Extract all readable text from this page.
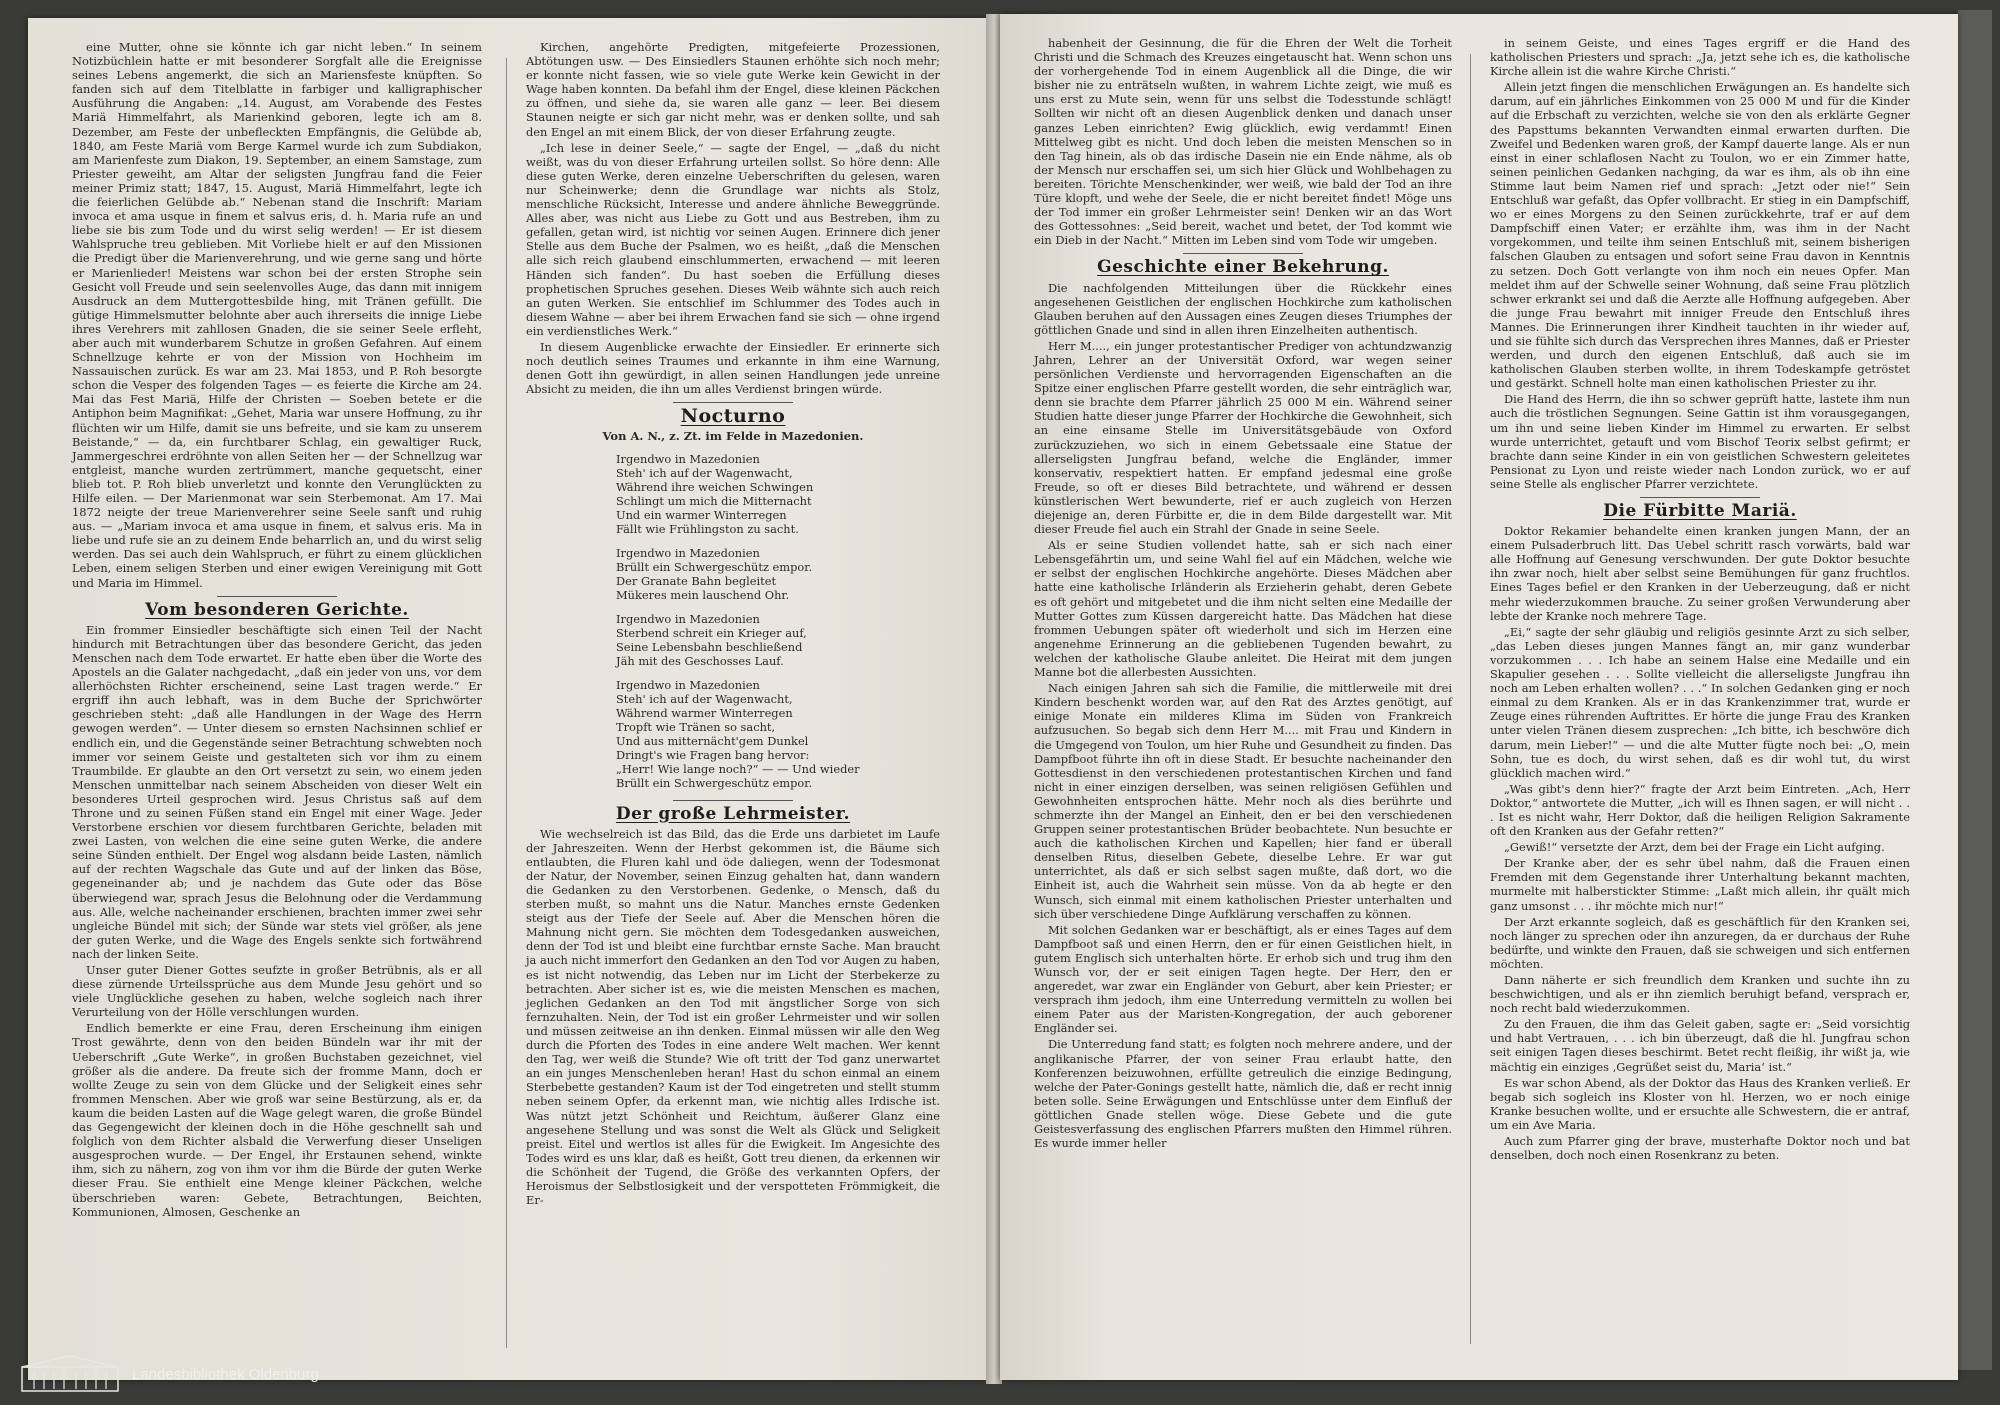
eine Mutter, ohne sie könnte ich gar nicht leben.“ In seinem Notizbüchlein hatte er mit besonderer Sorgfalt alle die Ereignisse seines Lebens angemerkt, die sich an Mariensfeste knüpften. So fanden sich auf dem Titelblatte in farbiger und kalligraphischer Ausführung die Angaben: „14. August, am Vorabende des Festes Mariä Himmelfahrt, als Marienkind geboren, legte ich am 8. Dezember, am Feste der unbefleckten Empfängnis, die Gelübde ab, 1840, am Feste Mariä vom Berge Karmel wurde ich zum Subdiakon, am Marienfeste zum Diakon, 19. September, an einem Samstage, zum Priester geweiht, am Altar der seligsten Jungfrau fand die Feier meiner Primiz statt; 1847, 15. August, Mariä Himmelfahrt, legte ich die feierlichen Gelübde ab.“ Nebenan stand die Inschrift: Mariam invoca et ama usque in finem et salvus eris, d. h. Maria rufe an und liebe sie bis zum Tode und du wirst selig werden! — Er ist diesem Wahlspruche treu geblieben. Mit Vorliebe hielt er auf den Missionen die Predigt über die Marienverehrung, und wie gerne sang und hörte er Marienlieder! Meistens war schon bei der ersten Strophe sein Gesicht voll Freude und sein seelenvolles Auge, das dann mit innigem Ausdruck an dem Muttergottesbilde hing, mit Tränen gefüllt. Die gütige Himmelsmutter belohnte aber auch ihrerseits die innige Liebe ihres Verehrers mit zahllosen Gnaden, die sie seiner Seele erfleht, aber auch mit wunderbarem Schutze in großen Gefahren. Auf einem Schnellzuge kehrte er von der Mission von Hochheim im Nassauischen zurück. Es war am 23. Mai 1853, und P. Roh besorgte schon die Vesper des folgenden Tages — es feierte die Kirche am 24. Mai das Fest Mariä, Hilfe der Christen — Soeben betete er die Antiphon beim Magnifikat: „Gehet, Maria war unsere Hoffnung, zu ihr flüchten wir um Hilfe, damit sie uns befreite, und sie kam zu unserem Beistande,“ — da, ein furchtbarer Schlag, ein gewaltiger Ruck, Jammergeschrei erdröhnte von allen Seiten her — der Schnellzug war entgleist, manche wurden zertrümmert, manche gequetscht, einer blieb tot. P. Roh blieb unverletzt und konnte den Verunglückten zu Hilfe eilen. — Der Marienmonat war sein Sterbemonat. Am 17. Mai 1872 neigte der treue Marienverehrer seine Seele sanft und ruhig aus. — „Mariam invoca et ama usque in finem, et salvus eris. Ma in liebe und rufe sie an zu deinem Ende beharrlich an, und du wirst selig werden. Das sei auch dein Wahlspruch, er führt zu einem glücklichen Leben, einem seligen Sterben und einer ewigen Vereinigung mit Gott und Maria im Himmel.

Vom besonderen Gerichte.

Ein frommer Einsiedler beschäftigte sich einen Teil der Nacht hindurch mit Betrachtungen über das besondere Gericht, das jeden Menschen nach dem Tode erwartet. Er hatte eben über die Worte des Apostels an die Galater nachgedacht, „daß ein jeder von uns, vor dem allerhöchsten Richter erscheinend, seine Last tragen werde.“ Er ergriff ihn auch lebhaft, was in dem Buche der Sprichwörter geschrieben steht: „daß alle Handlungen in der Wage des Herrn gewogen werden“. — Unter diesem so ernsten Nachsinnen schlief er endlich ein, und die Gegenstände seiner Betrachtung schwebten noch immer vor seinem Geiste und gestalteten sich vor ihm zu einem Traumbilde. Er glaubte an den Ort versetzt zu sein, wo einem jeden Menschen unmittelbar nach seinem Abscheiden von dieser Welt ein besonderes Urteil gesprochen wird. Jesus Christus saß auf dem Throne und zu seinen Füßen stand ein Engel mit einer Wage. Jeder Verstorbene erschien vor diesem furchtbaren Gerichte, beladen mit zwei Lasten, von welchen die eine seine guten Werke, die andere seine Sünden enthielt. Der Engel wog alsdann beide Lasten, nämlich auf der rechten Wagschale das Gute und auf der linken das Böse, gegeneinander ab; und je nachdem das Gute oder das Böse überwiegend war, sprach Jesus die Belohnung oder die Verdammung aus. Alle, welche nacheinander erschienen, brachten immer zwei sehr ungleiche Bündel mit sich; der Sünde war stets viel größer, als jene der guten Werke, und die Wage des Engels senkte sich fortwährend nach der linken Seite.

Unser guter Diener Gottes seufzte in großer Betrübnis, als er all diese zürnende Urteilssprüche aus dem Munde Jesu gehört und so viele Unglückliche gesehen zu haben, welche sogleich nach ihrer Verurteilung von der Hölle verschlungen wurden.

Endlich bemerkte er eine Frau, deren Erscheinung ihm einigen Trost gewährte, denn von den beiden Bündeln war ihr mit der Ueberschrift „Gute Werke“, in großen Buchstaben gezeichnet, viel größer als die andere. Da freute sich der fromme Mann, doch er wollte Zeuge zu sein von dem Glücke und der Seligkeit eines sehr frommen Menschen. Aber wie groß war seine Bestürzung, als er, da kaum die beiden Lasten auf die Wage gelegt waren, die große Bündel das Gegengewicht der kleinen doch in die Höhe geschnellt sah und folglich von dem Richter alsbald die Verwerfung dieser Unseligen ausgesprochen wurde. — Der Engel, ihr Erstaunen sehend, winkte ihm, sich zu nähern, zog von ihm vor ihm die Bürde der guten Werke dieser Frau. Sie enthielt eine Menge kleiner Päckchen, welche überschrieben waren: Gebete, Betrachtungen, Beichten, Kommunionen, Almosen, Geschenke an

Kirchen, angehörte Predigten, mitgefeierte Prozessionen, Abtötungen usw. — Des Einsiedlers Staunen erhöhte sich noch mehr; er konnte nicht fassen, wie so viele gute Werke kein Gewicht in der Wage haben konnten. Da befahl ihm der Engel, diese kleinen Päckchen zu öffnen, und siehe da, sie waren alle ganz — leer. Bei diesem Staunen neigte er sich gar nicht mehr, was er denken sollte, und sah den Engel an mit einem Blick, der von dieser Erfahrung zeugte.

„Ich lese in deiner Seele,“ — sagte der Engel, — „daß du nicht weißt, was du von dieser Erfahrung urteilen sollst. So höre denn: Alle diese guten Werke, deren einzelne Ueberschriften du gelesen, waren nur Scheinwerke; denn die Grundlage war nichts als Stolz, menschliche Rücksicht, Interesse und andere ähnliche Beweggründe. Alles aber, was nicht aus Liebe zu Gott und aus Bestreben, ihm zu gefallen, getan wird, ist nichtig vor seinen Augen. Erinnere dich jener Stelle aus dem Buche der Psalmen, wo es heißt, „daß die Menschen alle sich reich glaubend einschlummerten, erwachend — mit leeren Händen sich fanden“. Du hast soeben die Erfüllung dieses prophetischen Spruches gesehen. Dieses Weib wähnte sich auch reich an guten Werken. Sie entschlief im Schlummer des Todes auch in diesem Wahne — aber bei ihrem Erwachen fand sie sich — ohne irgend ein verdienstliches Werk.“

In diesem Augenblicke erwachte der Einsiedler. Er erinnerte sich noch deutlich seines Traumes und erkannte in ihm eine Warnung, denen Gott ihn gewürdigt, in allen seinen Handlungen jede unreine Absicht zu meiden, die ihn um alles Verdienst bringen würde.

Nocturno
Von A. N., z. Zt. im Felde in Mazedonien.
Irgendwo in Mazedonien
Steh' ich auf der Wagenwacht,
Während ihre weichen Schwingen
Schlingt um mich die Mitternacht
Und ein warmer Winterregen
Fällt wie Frühlingston zu sacht.
Irgendwo in Mazedonien
Brüllt ein Schwergeschütz empor.
Der Granate Bahn begleitet
Mükeres mein lauschend Ohr.
Irgendwo in Mazedonien
Sterbend schreit ein Krieger auf,
Seine Lebensbahn beschließend
Jäh mit des Geschosses Lauf.
Irgendwo in Mazedonien
Steh' ich auf der Wagenwacht,
Während warmer Winterregen
Tropft wie Tränen so sacht,
Und aus mitternächt'gem Dunkel
Dringt's wie Fragen bang hervor:
„Herr! Wie lange noch?“ — — Und wieder
Brüllt ein Schwergeschütz empor.
Der große Lehrmeister.

Wie wechselreich ist das Bild, das die Erde uns darbietet im Laufe der Jahreszeiten. Wenn der Herbst gekommen ist, die Bäume sich entlaubten, die Fluren kahl und öde daliegen, wenn der Todesmonat der Natur, der November, seinen Einzug gehalten hat, dann wandern die Gedanken zu den Verstorbenen. Gedenke, o Mensch, daß du sterben mußt, so mahnt uns die Natur. Manches ernste Gedenken steigt aus der Tiefe der Seele auf. Aber die Menschen hören die Mahnung nicht gern. Sie möchten dem Todesgedanken ausweichen, denn der Tod ist und bleibt eine furchtbar ernste Sache. Man braucht ja auch nicht immerfort den Gedanken an den Tod vor Augen zu haben, es ist nicht notwendig, das Leben nur im Licht der Sterbekerze zu betrachten. Aber sicher ist es, wie die meisten Menschen es machen, jeglichen Gedanken an den Tod mit ängstlicher Sorge von sich fernzuhalten. Nein, der Tod ist ein großer Lehrmeister und wir sollen und müssen zeitweise an ihn denken. Einmal müssen wir alle den Weg durch die Pforten des Todes in eine andere Welt machen. Wer kennt den Tag, wer weiß die Stunde? Wie oft tritt der Tod ganz unerwartet an ein junges Menschenleben heran! Hast du schon einmal an einem Sterbebette gestanden? Kaum ist der Tod eingetreten und stellt stumm neben seinem Opfer, da erkennt man, wie nichtig alles Irdische ist. Was nützt jetzt Schönheit und Reichtum, äußerer Glanz eine angesehene Stellung und was sonst die Welt als Glück und Seligkeit preist. Eitel und wertlos ist alles für die Ewigkeit. Im Angesichte des Todes wird es uns klar, daß es heißt, Gott treu dienen, da erkennen wir die Schönheit der Tugend, die Größe des verkannten Opfers, der Heroismus der Selbstlosigkeit und der verspotteten Frömmigkeit, die Er-

habenheit der Gesinnung, die für die Ehren der Welt die Torheit Christi und die Schmach des Kreuzes eingetauscht hat. Wenn schon uns der vorhergehende Tod in einem Augenblick all die Dinge, die wir bisher nie zu enträtseln wußten, in wahrem Lichte zeigt, wie muß es uns erst zu Mute sein, wenn für uns selbst die Todesstunde schlägt! Sollten wir nicht oft an diesen Augenblick denken und danach unser ganzes Leben einrichten? Ewig glücklich, ewig verdammt! Einen Mittelweg gibt es nicht. Und doch leben die meisten Menschen so in den Tag hinein, als ob das irdische Dasein nie ein Ende nähme, als ob der Mensch nur erschaffen sei, um sich hier Glück und Wohlbehagen zu bereiten. Törichte Menschenkinder, wer weiß, wie bald der Tod an ihre Türe klopft, und wehe der Seele, die er nicht bereitet findet! Möge uns der Tod immer ein großer Lehrmeister sein! Denken wir an das Wort des Gottessohnes: „Seid bereit, wachet und betet, der Tod kommt wie ein Dieb in der Nacht.“ Mitten im Leben sind vom Tode wir umgeben.

Geschichte einer Bekehrung.

Die nachfolgenden Mitteilungen über die Rückkehr eines angesehenen Geistlichen der englischen Hochkirche zum katholischen Glauben beruhen auf den Aussagen eines Zeugen dieses Triumphes der göttlichen Gnade und sind in allen ihren Einzelheiten authentisch.

Herr M...., ein junger protestantischer Prediger von achtundzwanzig Jahren, Lehrer an der Universität Oxford, war wegen seiner persönlichen Verdienste und hervorragenden Eigenschaften an die Spitze einer englischen Pfarre gestellt worden, die sehr einträglich war, denn sie brachte dem Pfarrer jährlich 25 000 M ein. Während seiner Studien hatte dieser junge Pfarrer der Hochkirche die Gewohnheit, sich an eine einsame Stelle im Universitätsgebäude von Oxford zurückzuziehen, wo sich in einem Gebetssaale eine Statue der allerseligsten Jungfrau befand, welche die Engländer, immer konservativ, respektiert hatten. Er empfand jedesmal eine große Freude, so oft er dieses Bild betrachtete, und während er dessen künstlerischen Wert bewunderte, rief er auch zugleich von Herzen diejenige an, deren Fürbitte er, die in dem Bilde dargestellt war. Mit dieser Freude fiel auch ein Strahl der Gnade in seine Seele.

Als er seine Studien vollendet hatte, sah er sich nach einer Lebensgefährtin um, und seine Wahl fiel auf ein Mädchen, welche wie er selbst der englischen Hochkirche angehörte. Dieses Mädchen aber hatte eine katholische Irländerin als Erzieherin gehabt, deren Gebete es oft gehört und mitgebetet und die ihm nicht selten eine Medaille der Mutter Gottes zum Küssen dargereicht hatte. Das Mädchen hat diese frommen Uebungen später oft wiederholt und sich im Herzen eine angenehme Erinnerung an die gebliebenen Tugenden bewahrt, zu welchen der katholische Glaube anleitet. Die Heirat mit dem jungen Manne bot die allerbesten Aussichten.

Nach einigen Jahren sah sich die Familie, die mittlerweile mit drei Kindern beschenkt worden war, auf den Rat des Arztes genötigt, auf einige Monate ein milderes Klima im Süden von Frankreich aufzusuchen. So begab sich denn Herr M.... mit Frau und Kindern in die Umgegend von Toulon, um hier Ruhe und Gesundheit zu finden. Das Dampfboot führte ihn oft in diese Stadt. Er besuchte nacheinander den Gottesdienst in den verschiedenen protestantischen Kirchen und fand nicht in einer einzigen derselben, was seinen religiösen Gefühlen und Gewohnheiten entsprochen hätte. Mehr noch als dies berührte und schmerzte ihn der Mangel an Einheit, den er bei den verschiedenen Gruppen seiner protestantischen Brüder beobachtete. Nun besuchte er auch die katholischen Kirchen und Kapellen; hier fand er überall denselben Ritus, dieselben Gebete, dieselbe Lehre. Er war gut unterrichtet, als daß er sich selbst sagen mußte, daß dort, wo die Einheit ist, auch die Wahrheit sein müsse. Von da ab hegte er den Wunsch, sich einmal mit einem katholischen Priester unterhalten und sich über verschiedene Dinge Aufklärung verschaffen zu können.

Mit solchen Gedanken war er beschäftigt, als er eines Tages auf dem Dampfboot saß und einen Herrn, den er für einen Geistlichen hielt, in gutem Englisch sich unterhalten hörte. Er erhob sich und trug ihm den Wunsch vor, der er seit einigen Tagen hegte. Der Herr, den er angeredet, war zwar ein Engländer von Geburt, aber kein Priester; er versprach ihm jedoch, ihm eine Unterredung vermitteln zu wollen bei einem Pater aus der Maristen-Kongregation, der auch geborener Engländer sei.

Die Unterredung fand statt; es folgten noch mehrere andere, und der anglikanische Pfarrer, der von seiner Frau erlaubt hatte, den Konferenzen beizuwohnen, erfüllte getreulich die einzige Bedingung, welche der Pater-Gonings gestellt hatte, nämlich die, daß er recht innig beten solle. Seine Erwägungen und Entschlüsse unter dem Einfluß der göttlichen Gnade stellen wöge. Diese Gebete und die gute Geistesverfassung des englischen Pfarrers mußten den Himmel rühren. Es wurde immer heller

in seinem Geiste, und eines Tages ergriff er die Hand des katholischen Priesters und sprach: „Ja, jetzt sehe ich es, die katholische Kirche allein ist die wahre Kirche Christi.“

Allein jetzt fingen die menschlichen Erwägungen an. Es handelte sich darum, auf ein jährliches Einkommen von 25 000 M und für die Kinder auf die Erbschaft zu verzichten, welche sie von den als erklärte Gegner des Papsttums bekannten Verwandten einmal erwarten durften. Die Zweifel und Bedenken waren groß, der Kampf dauerte lange. Als er nun einst in einer schlaflosen Nacht zu Toulon, wo er ein Zimmer hatte, seinen peinlichen Gedanken nachging, da war es ihm, als ob ihn eine Stimme laut beim Namen rief und sprach: „Jetzt oder nie!“ Sein Entschluß war gefaßt, das Opfer vollbracht. Er stieg in ein Dampfschiff, wo er eines Morgens zu den Seinen zurückkehrte, traf er auf dem Dampfschiff einen Vater; er erzählte ihm, was ihm in der Nacht vorgekommen, und teilte ihm seinen Entschluß mit, seinem bisherigen falschen Glauben zu entsagen und sofort seine Frau davon in Kenntnis zu setzen. Doch Gott verlangte von ihm noch ein neues Opfer. Man meldet ihm auf der Schwelle seiner Wohnung, daß seine Frau plötzlich schwer erkrankt sei und daß die Aerzte alle Hoffnung aufgegeben. Aber die junge Frau bewahrt mit inniger Freude den Entschluß ihres Mannes. Die Erinnerungen ihrer Kindheit tauchten in ihr wieder auf, und sie fühlte sich durch das Versprechen ihres Mannes, daß er Priester werden, und durch den eigenen Entschluß, daß auch sie im katholischen Glauben sterben wollte, in ihrem Todeskampfe getröstet und gestärkt. Schnell holte man einen katholischen Priester zu ihr.

Die Hand des Herrn, die ihn so schwer geprüft hatte, lastete ihm nun auch die tröstlichen Segnungen. Seine Gattin ist ihm vorausgegangen, um ihn und seine lieben Kinder im Himmel zu erwarten. Er selbst wurde unterrichtet, getauft und vom Bischof Teorix selbst gefirmt; er brachte dann seine Kinder in ein von geistlichen Schwestern geleitetes Pensionat zu Lyon und reiste wieder nach London zurück, wo er auf seine Stelle als englischer Pfarrer verzichtete.

Die Fürbitte Mariä.

Doktor Rekamier behandelte einen kranken jungen Mann, der an einem Pulsaderbruch litt. Das Uebel schritt rasch vorwärts, bald war alle Hoffnung auf Genesung verschwunden. Der gute Doktor besuchte ihn zwar noch, hielt aber selbst seine Bemühungen für ganz fruchtlos. Eines Tages befiel er den Kranken in der Ueberzeugung, daß er nicht mehr wiederzukommen brauche. Zu seiner großen Verwunderung aber lebte der Kranke noch mehrere Tage.

„Ei,“ sagte der sehr gläubig und religiös gesinnte Arzt zu sich selber, „das Leben dieses jungen Mannes fängt an, mir ganz wunderbar vorzukommen . . . Ich habe an seinem Halse eine Medaille und ein Skapulier gesehen . . . Sollte vielleicht die allerseligste Jungfrau ihn noch am Leben erhalten wollen? . . .“ In solchen Gedanken ging er noch einmal zu dem Kranken. Als er in das Krankenzimmer trat, wurde er Zeuge eines rührenden Auftrittes. Er hörte die junge Frau des Kranken unter vielen Tränen diesem zusprechen: „Ich bitte, ich beschwöre dich darum, mein Lieber!“ — und die alte Mutter fügte noch bei: „O, mein Sohn, tue es doch, du wirst sehen, daß es dir wohl tut, du wirst glücklich machen wird.“

„Was gibt's denn hier?“ fragte der Arzt beim Eintreten. „Ach, Herr Doktor,“ antwortete die Mutter, „ich will es Ihnen sagen, er will nicht . . . Ist es nicht wahr, Herr Doktor, daß die heiligen Religion Sakramente oft den Kranken aus der Gefahr retten?“

„Gewiß!“ versetzte der Arzt, dem bei der Frage ein Licht aufging.

Der Kranke aber, der es sehr übel nahm, daß die Frauen einen Fremden mit dem Gegenstande ihrer Unterhaltung bekannt machten, murmelte mit halberstickter Stimme: „Laßt mich allein, ihr quält mich ganz umsonst . . . ihr möchte mich nur!“

Der Arzt erkannte sogleich, daß es geschäftlich für den Kranken sei, noch länger zu sprechen oder ihn anzuregen, da er durchaus der Ruhe bedürfte, und winkte den Frauen, daß sie schweigen und sich entfernen möchten.

Dann näherte er sich freundlich dem Kranken und suchte ihn zu beschwichtigen, und als er ihn ziemlich beruhigt befand, versprach er, noch recht bald wiederzukommen.

Zu den Frauen, die ihm das Geleit gaben, sagte er: „Seid vorsichtig und habt Vertrauen, . . . ich bin überzeugt, daß die hl. Jungfrau schon seit einigen Tagen dieses beschirmt. Betet recht fleißig, ihr wißt ja, wie mächtig ein einziges ‚Gegrüßet seist du, Maria‘ ist.“

Es war schon Abend, als der Doktor das Haus des Kranken verließ. Er begab sich sogleich ins Kloster von hl. Herzen, wo er noch einige Kranke besuchen wollte, und er ersuchte alle Schwestern, die er antraf, um ein Ave Maria.

Auch zum Pfarrer ging der brave, musterhafte Doktor noch und bat denselben, doch noch einen Rosenkranz zu beten.

Landesbibliothek Oldenburg
